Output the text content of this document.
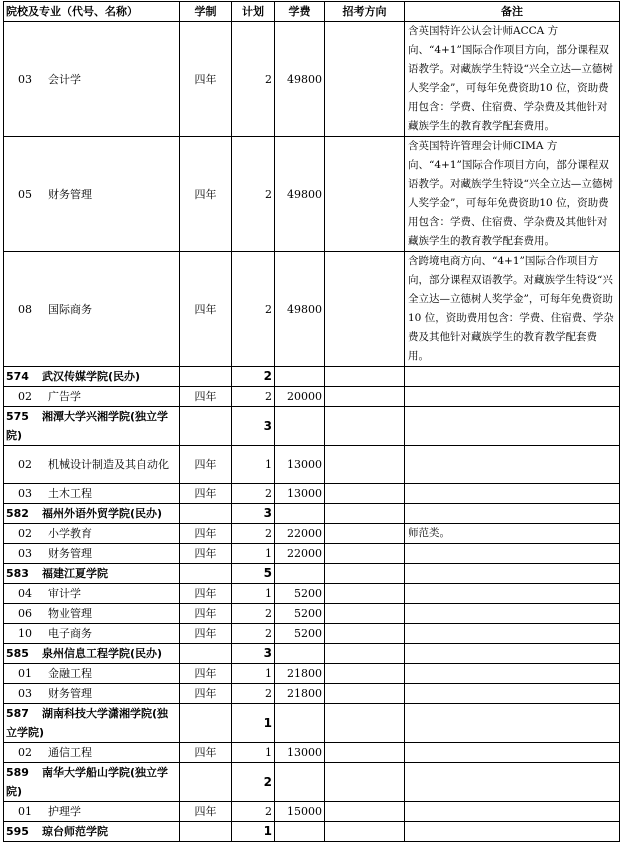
院校及专业（代号、名称）	学制	计划	学费	招考方向	备注
03 会计学	四年	2	49800		含英国特许公认会计师ACCA 方向、“4+1”国际合作项目方向，部分课程双语教学。对藏族学生特设“兴全立达—立德树人奖学金”，可每年免费资助10 位，资助费用包含：学费、住宿费、学杂费及其他针对藏族学生的教育教学配套费用。
05 财务管理	四年	2	49800		含英国特许管理会计师CIMA 方向、“4+1”国际合作项目方向，部分课程双语教学。对藏族学生特设“兴全立达—立德树人奖学金”，可每年免费资助10 位，资助费用包含：学费、住宿费、学杂费及其他针对藏族学生的教育教学配套费用。
08 国际商务	四年	2	49800		含跨境电商方向、“4+1”国际合作项目方向，部分课程双语教学。对藏族学生特设“兴全立达—立德树人奖学金”，可每年免费资助10 位，资助费用包含：学费、住宿费、学杂费及其他针对藏族学生的教育教学配套费用。
574 武汉传媒学院(民办)		2			
02 广告学	四年	2	20000		
575 湘潭大学兴湘学院(独立学院)		3			
02 机械设计制造及其自动化	四年	1	13000		
03 土木工程	四年	2	13000		
582 福州外语外贸学院(民办)		3			
02 小学教育	四年	2	22000		师范类。
03 财务管理	四年	1	22000		
583 福建江夏学院		5			
04 审计学	四年	1	5200		
06 物业管理	四年	2	5200		
10 电子商务	四年	2	5200		
585 泉州信息工程学院(民办)		3			
01 金融工程	四年	1	21800		
03 财务管理	四年	2	21800		
587 湖南科技大学潇湘学院(独立学院)		1			
02 通信工程	四年	1	13000		
589 南华大学船山学院(独立学院)		2			
01 护理学	四年	2	15000		
595 琼台师范学院		1			
